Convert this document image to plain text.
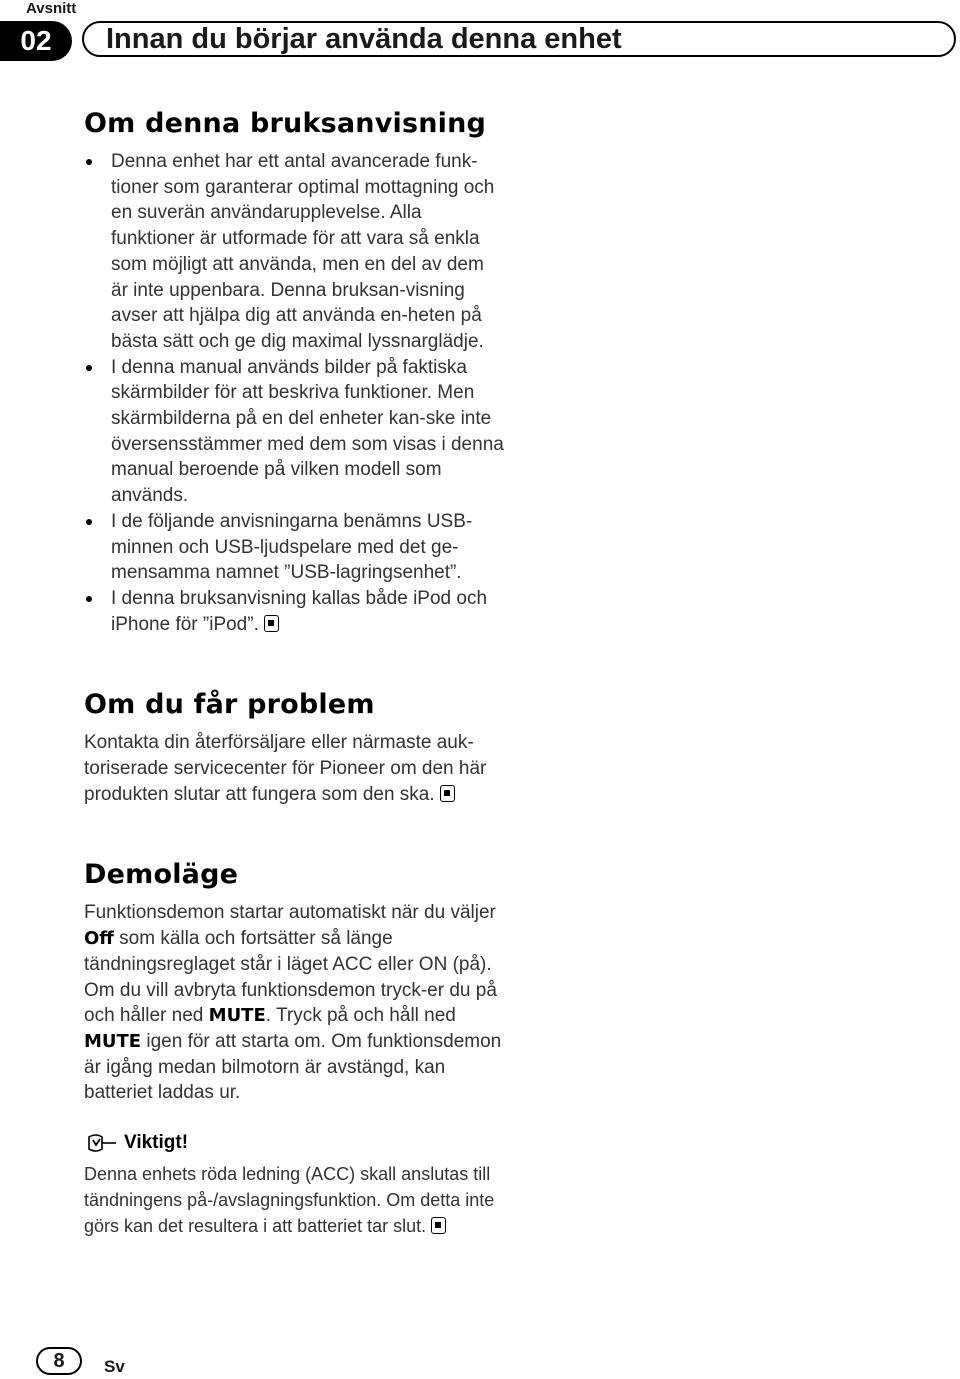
Avsnitt
02	Innan du börjar använda denna enhet
Om denna bruksanvisning
Denna enhet har ett antal avancerade funk-tioner som garanterar optimal mottagning och en suverän användarupplevelse. Alla funktioner är utformade för att vara så enkla som möjligt att använda, men en del av dem är inte uppenbara. Denna bruksan-visning avser att hjälpa dig att använda en-heten på bästa sätt och ge dig maximal lyssnarglädje.
I denna manual används bilder på faktiska skärmbilder för att beskriva funktioner. Men skärmbilderna på en del enheter kan-ske inte översensstämmer med dem som visas i denna manual beroende på vilken modell som används.
I de följande anvisningarna benämns USB-minnen och USB-ljudspelare med det ge-mensamma namnet ”USB-lagringsenhet”.
I denna bruksanvisning kallas både iPod och iPhone för ”iPod”.
Om du får problem

Kontakta din återförsäljare eller närmaste auk-toriserade servicecenter för Pioneer om den här produkten slutar att fungera som den ska.

Demoläge

Funktionsdemon startar automatiskt när du väljer Off som källa och fortsätter så länge tändningsreglaget står i läget ACC eller ON (på). Om du vill avbryta funktionsdemon tryck-er du på och håller ned MUTE. Tryck på och håll ned MUTE igen för att starta om. Om funktionsdemon är igång medan bilmotorn är avstängd, kan batteriet laddas ur.

Viktigt!

Denna enhets röda ledning (ACC) skall anslutas till tändningens på-/avslagningsfunktion. Om detta inte görs kan det resultera i att batteriet tar slut.

8	Sv
